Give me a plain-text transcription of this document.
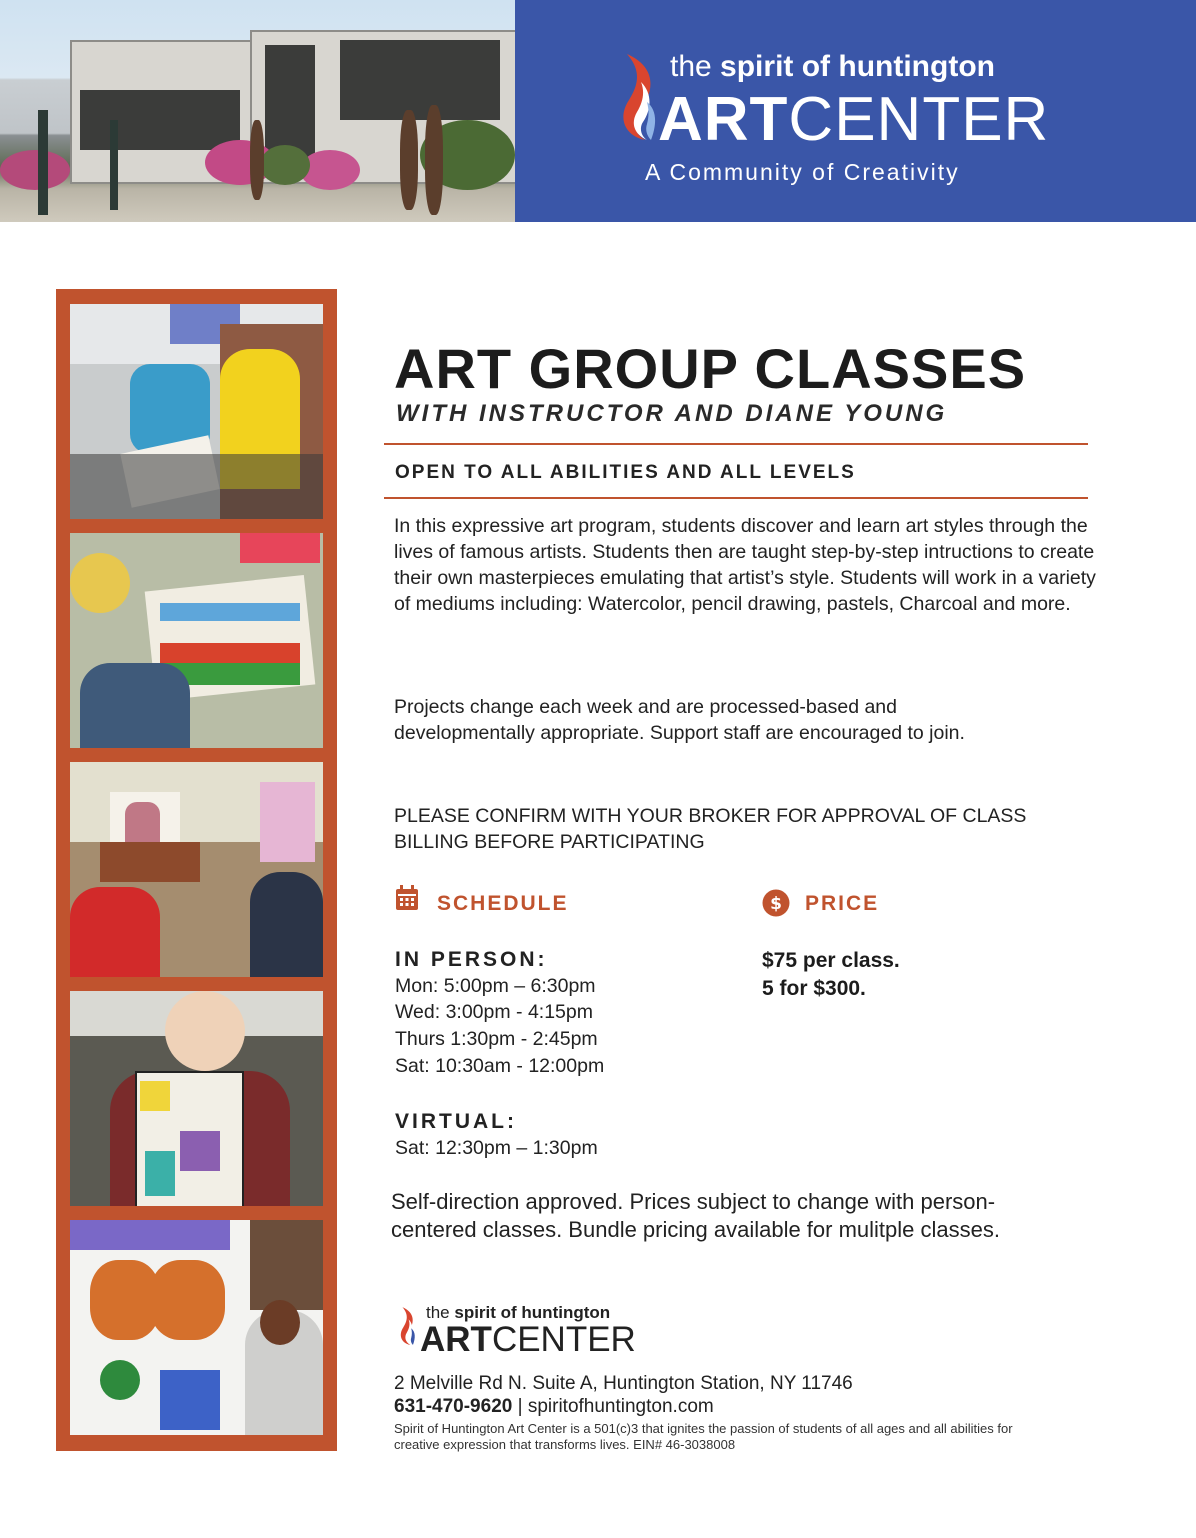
the spirit of huntington
ARTCENTER
A Community of Creativity
ART GROUP CLASSES
WITH INSTRUCTOR AND DIANE YOUNG
OPEN TO ALL ABILITIES AND ALL LEVELS

In this expressive art program, students discover and learn art styles through the lives of famous artists. Students then are taught step-by-step intructions to create their own masterpieces emulating that artist’s style. Students will work in a variety of mediums including: Watercolor, pencil drawing, pastels, Charcoal and more.

Projects change each week and are processed-based and developmentally appropriate. Support staff are encouraged to join.

PLEASE CONFIRM WITH YOUR BROKER FOR APPROVAL OF CLASS BILLING BEFORE PARTICIPATING

SCHEDULE
IN PERSON:
Mon: 5:00pm – 6:30pm
Wed: 3:00pm - 4:15pm
Thurs 1:30pm - 2:45pm
Sat: 10:30am - 12:00pm
VIRTUAL:
Sat: 12:30pm – 1:30pm
$ PRICE
$75 per class.
5 for $300.

Self-direction approved. Prices subject to change with person-centered classes. Bundle pricing available for mulitple classes.

the spirit of huntington
ARTCENTER
2 Melville Rd N. Suite A, Huntington Station, NY 11746
631-470-9620 | spiritofhuntington.com

Spirit of Huntington Art Center is a 501(c)3 that ignites the passion of students of all ages and all abilities for creative expression that transforms lives. EIN# 46-3038008
